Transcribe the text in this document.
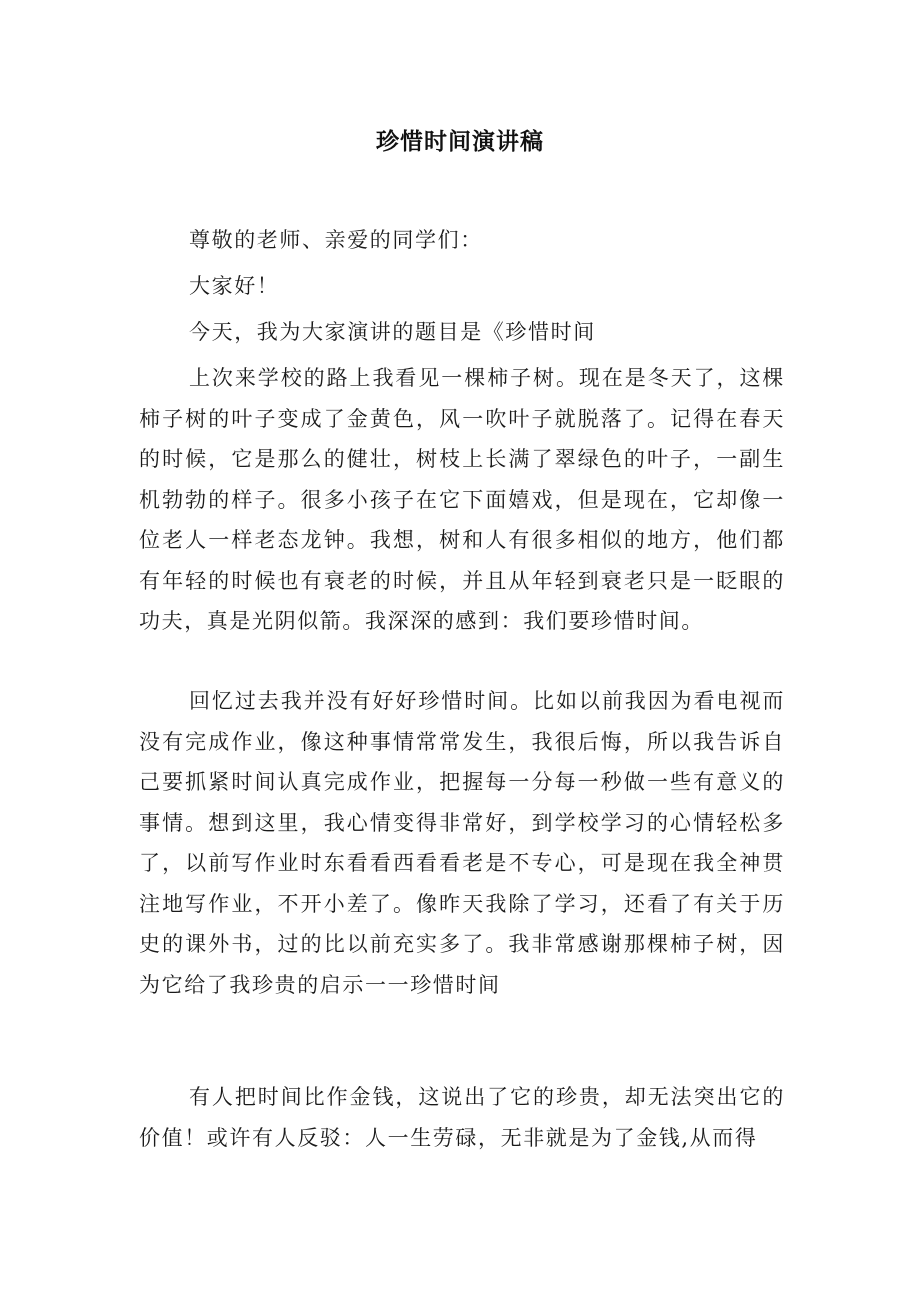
珍惜时间演讲稿
尊敬的老师、亲爱的同学们：
大家好！
今天，我为大家演讲的题目是《珍惜时间
上次来学校的路上我看见一棵柿子树。现在是冬天了，这棵柿子树的叶子变成了金黄色，风一吹叶子就脱落了。记得在春天的时候，它是那么的健壮，树枝上长满了翠绿色的叶子，一副生机勃勃的样子。很多小孩子在它下面嬉戏，但是现在，它却像一位老人一样老态龙钟。我想，树和人有很多相似的地方，他们都有年轻的时候也有衰老的时候，并且从年轻到衰老只是一眨眼的功夫，真是光阴似箭。我深深的感到：我们要珍惜时间。
回忆过去我并没有好好珍惜时间。比如以前我因为看电视而没有完成作业，像这种事情常常发生，我很后悔，所以我告诉自己要抓紧时间认真完成作业，把握每一分每一秒做一些有意义的事情。想到这里，我心情变得非常好，到学校学习的心情轻松多了，以前写作业时东看看西看看老是不专心，可是现在我全神贯注地写作业，不开小差了。像昨天我除了学习，还看了有关于历史的课外书，过的比以前充实多了。我非常感谢那棵柿子树，因为它给了我珍贵的启示一一珍惜时间
有人把时间比作金钱，这说出了它的珍贵，却无法突出它的价值！或许有人反驳：人一生劳碌，无非就是为了金钱,从而得
